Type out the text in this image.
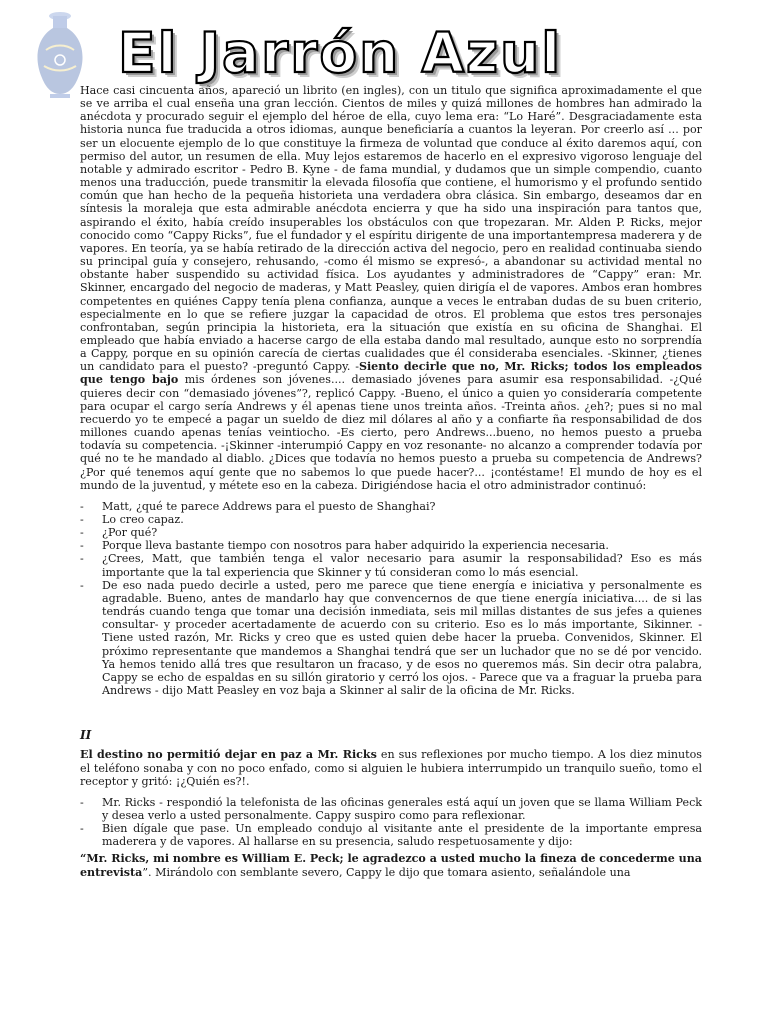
El Jarrón Azul

Hace casi cincuenta años, apareció un librito (en ingles), con un titulo que significa aproximadamente el que se ve arriba el cual enseña una gran lección. Cientos de miles y quizá millones de hombres han admirado la anécdota y procurado seguir el ejemplo del héroe de ella, cuyo lema era: “Lo Haré”. Desgraciadamente esta historia nunca fue traducida a otros idiomas, aunque beneficiaría a cuantos la leyeran. Por creerlo así ... por ser un elocuente ejemplo de lo que constituye la firmeza de voluntad que conduce al éxito daremos aquí, con permiso del autor, un resumen de ella. Muy lejos estaremos de hacerlo en el expresivo vigoroso lenguaje del notable y admirado escritor - Pedro B. Kyne - de fama mundial, y dudamos que un simple compendio, cuanto menos una traducción, puede transmitir la elevada filosofía que contiene, el humorismo y el profundo sentido común que han hecho de la pequeña historieta una verdadera obra clásica. Sin embargo, deseamos dar en síntesis la moraleja que esta admirable anécdota encierra y que ha sido una inspiración para tantos que, aspirando el éxito, había creído insuperables los obstáculos con que tropezaran. Mr. Alden P. Ricks, mejor conocido como “Cappy Ricks”, fue el fundador y el espíritu dirigente de una importantempresa maderera y de vapores. En teoría, ya se había retirado de la dirección activa del negocio, pero en realidad continuaba siendo su principal guía y consejero, rehusando, -como él mismo se expresó-, a abandonar su actividad mental no obstante haber suspendido su actividad física. Los ayudantes y administradores de “Cappy” eran: Mr. Skinner, encargado del negocio de maderas, y Matt Peasley, quien dirigía el de vapores. Ambos eran hombres competentes en quiénes Cappy tenía plena confianza, aunque a veces le entraban dudas de su buen criterio, especialmente en lo que se refiere juzgar la capacidad de otros. El problema que estos tres personajes confrontaban, según principia la historieta, era la situación que existía en su oficina de Shanghai. El empleado que había enviado a hacerse cargo de ella estaba dando mal resultado, aunque esto no sorprendía a Cappy, porque en su opinión carecía de ciertas cualidades que él consideraba esenciales. -Skinner, ¿tienes un candidato para el puesto? -preguntó Cappy. -Siento decirle que no, Mr. Ricks; todos los empleados que tengo bajo mis órdenes son jóvenes.... demasiado jóvenes para asumir esa responsabilidad. -¿Qué quieres decir con “demasiado jóvenes”?, replicó Cappy. -Bueno, el único a quien yo consideraría competente para ocupar el cargo sería Andrews y él apenas tiene unos treinta años. -Treinta años. ¿eh?; pues si no mal recuerdo yo te empecé a pagar un sueldo de diez mil dólares al año y a confiarte ña responsabilidad de dos millones cuando apenas tenías veintiocho. -Es cierto, pero Andrews...bueno, no hemos puesto a prueba todavía su competencia. -¡Skinner -interumpió Cappy en voz resonante- no alcanzo a comprender todavía por qué no te he mandado al diablo. ¿Dices que todavía no hemos puesto a prueba su competencia de Andrews? ¿Por qué tenemos aquí gente que no sabemos lo que puede hacer?... ¡contéstame! El mundo de hoy es el mundo de la juventud, y métete eso en la cabeza. Dirigiéndose hacia el otro administrador continuó:

- Matt, ¿qué te parece Addrews para el puesto de Shanghai?
- Lo creo capaz.
- ¿Por qué?
- Porque lleva bastante tiempo con nosotros para haber adquirido la experiencia necesaria.
- ¿Crees, Matt, que también tenga el valor necesario para asumir la responsabilidad? Eso es más importante que la tal experiencia que Skinner y tú consideran como lo más esencial.
- De eso nada puedo decirle a usted, pero me parece que tiene energía e iniciativa y personalmente es agradable. Bueno, antes de mandarlo hay que convencernos de que tiene energía iniciativa.... de si las tendrás cuando tenga que tomar una decisión inmediata, seis mil millas distantes de sus jefes a quienes consultar- y proceder acertadamente de acuerdo con su criterio. Eso es lo más importante, Sikinner. - Tiene usted razón, Mr. Ricks y creo que es usted quien debe hacer la prueba. Convenidos, Skinner. El próximo representante que mandemos a Shanghai tendrá que ser un luchador que no se dé por vencido. Ya hemos tenido allá tres que resultaron un fracaso, y de esos no queremos más. Sin decir otra palabra, Cappy se echo de espaldas en su sillón giratorio y cerró los ojos. - Parece que va a fraguar la prueba para Andrews - dijo Matt Peasley en voz baja a Skinner al salir de la oficina de Mr. Ricks.

II

El destino no permitió dejar en paz a Mr. Ricks en sus reflexiones por mucho tiempo. A los diez minutos el teléfono sonaba y con no poco enfado, como si alguien le hubiera interrumpido un tranquilo sueño, tomo el receptor y gritó: ¡¿Quién es?!.

- Mr. Ricks - respondió la telefonista de las oficinas generales está aquí un joven que se llama William Peck y desea verlo a usted personalmente. Cappy suspiro como para reflexionar.
- Bien dígale que pase. Un empleado condujo al visitante ante el presidente de la importante empresa maderera y de vapores. Al hallarse en su presencia, saludo respetuosamente y dijo:

“Mr. Ricks, mi nombre es William E. Peck; le agradezco a usted mucho la fineza de concederme una entrevista”. Mirándolo con semblante severo, Cappy le dijo que tomara asiento, señalándole una
